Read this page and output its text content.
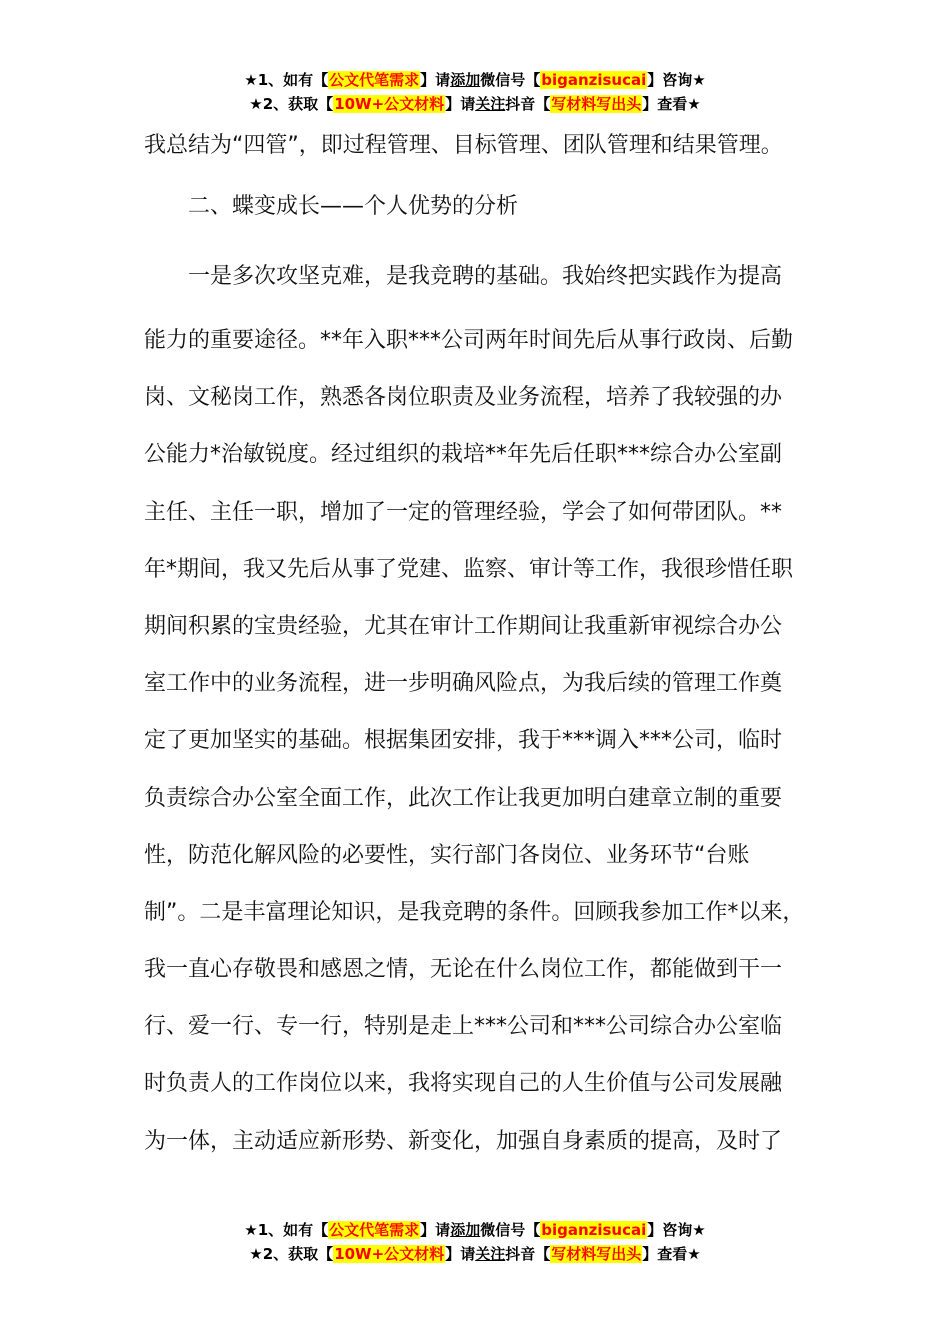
★1、如有【公文代笔需求】请添加微信号【biganzisucai】咨询★
★2、获取【10W+公文材料】请关注抖音【写材料写出头】查看★
我总结为“四管”，即过程管理、目标管理、团队管理和结果管理。
二、蝶变成长——个人优势的分析
一是多次攻坚克难，是我竞聘的基础。我始终把实践作为提高
能力的重要途径。**年入职***公司两年时间先后从事行政岗、后勤
岗、文秘岗工作，熟悉各岗位职责及业务流程，培养了我较强的办
公能力*治敏锐度。经过组织的栽培**年先后任职***综合办公室副
主任、主任一职，增加了一定的管理经验，学会了如何带团队。**
年*期间，我又先后从事了党建、监察、审计等工作，我很珍惜任职
期间积累的宝贵经验，尤其在审计工作期间让我重新审视综合办公
室工作中的业务流程，进一步明确风险点，为我后续的管理工作奠
定了更加坚实的基础。根据集团安排，我于***调入***公司，临时
负责综合办公室全面工作，此次工作让我更加明白建章立制的重要
性，防范化解风险的必要性，实行部门各岗位、业务环节“台账
制”。二是丰富理论知识，是我竞聘的条件。回顾我参加工作*以来，
我一直心存敬畏和感恩之情，无论在什么岗位工作，都能做到干一
行、爱一行、专一行，特别是走上***公司和***公司综合办公室临
时负责人的工作岗位以来，我将实现自己的人生价值与公司发展融
为一体，主动适应新形势、新变化，加强自身素质的提高，及时了
★1、如有【公文代笔需求】请添加微信号【biganzisucai】咨询★
★2、获取【10W+公文材料】请关注抖音【写材料写出头】查看★
